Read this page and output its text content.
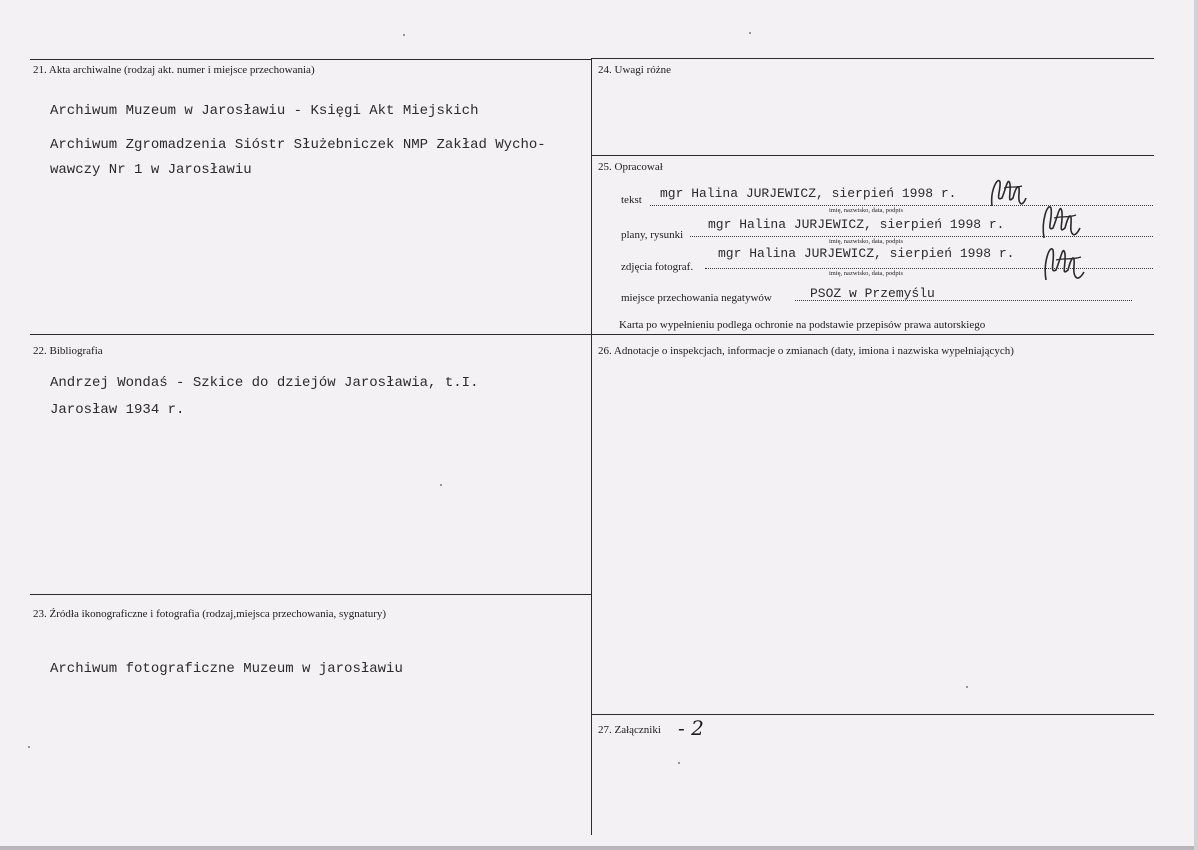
21. Akta archiwalne (rodzaj akt. numer i miejsce przechowania)
Archiwum Muzeum w Jarosławiu - Księgi Akt Miejskich
Archiwum Zgromadzenia Sióstr Służebniczek NMP Zakład Wycho-
wawczy Nr 1 w Jarosławiu
24. Uwagi różne
25. Opracował
tekst mgr Halina JURJEWICZ, sierpień 1998 r.
imię, nazwisko, data, podpis
plany, rysunki
mgr Halina JURJEWICZ, sierpień 1998 r.
imię, nazwisko, data, podpis
zdjęcia fotograf.
mgr Halina JURJEWICZ, sierpień 1998 r.
imię, nazwisko, data, podpis
miejsce przechowania negatywów	PSOZ w Przemyślu
Karta po wypełnieniu podlega ochronie na podstawie przepisów prawa autorskiego
22. Bibliografia
Andrzej Wondaś - Szkice do dziejów Jarosławia, t.I.
Jarosław 1934 r.
26. Adnotacje o inspekcjach, informacje o zmianach (daty, imiona i nazwiska wypełniających)
23. Źródła ikonograficzne i fotografia (rodzaj,miejsca przechowania, sygnatury)
Archiwum fotograficzne Muzeum w jarosławiu
27. Załączniki - 2
